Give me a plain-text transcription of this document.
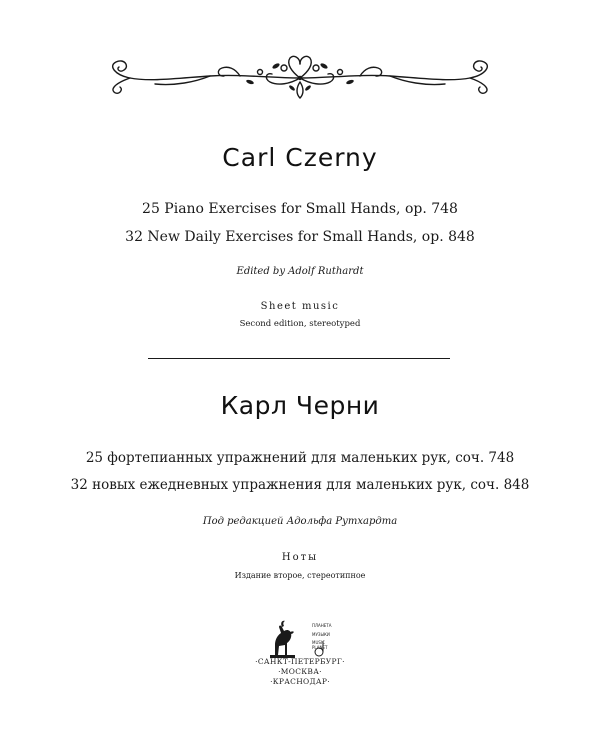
Carl Czerny
25 Piano Exercises for Small Hands, op. 748
32 New Daily Exercises for Small Hands, op. 848
Edited by Adolf Ruthardt
Sheet music
Second edition, stereotyped
Карл Черни
25 фортепианных упражнений для маленьких рук, соч. 748
32 новых ежедневных упражнения для маленьких рук, соч. 848
Под редакцией Адольфа Рутхардта
Ноты
Издание второе, стереотипное
ПЛАНЕТА
МУЗЫКИ
MUSIC
PLANET
·САНКТ-ПЕТЕРБУРГ·
·МОСКВА·
·КРАСНОДАР·
